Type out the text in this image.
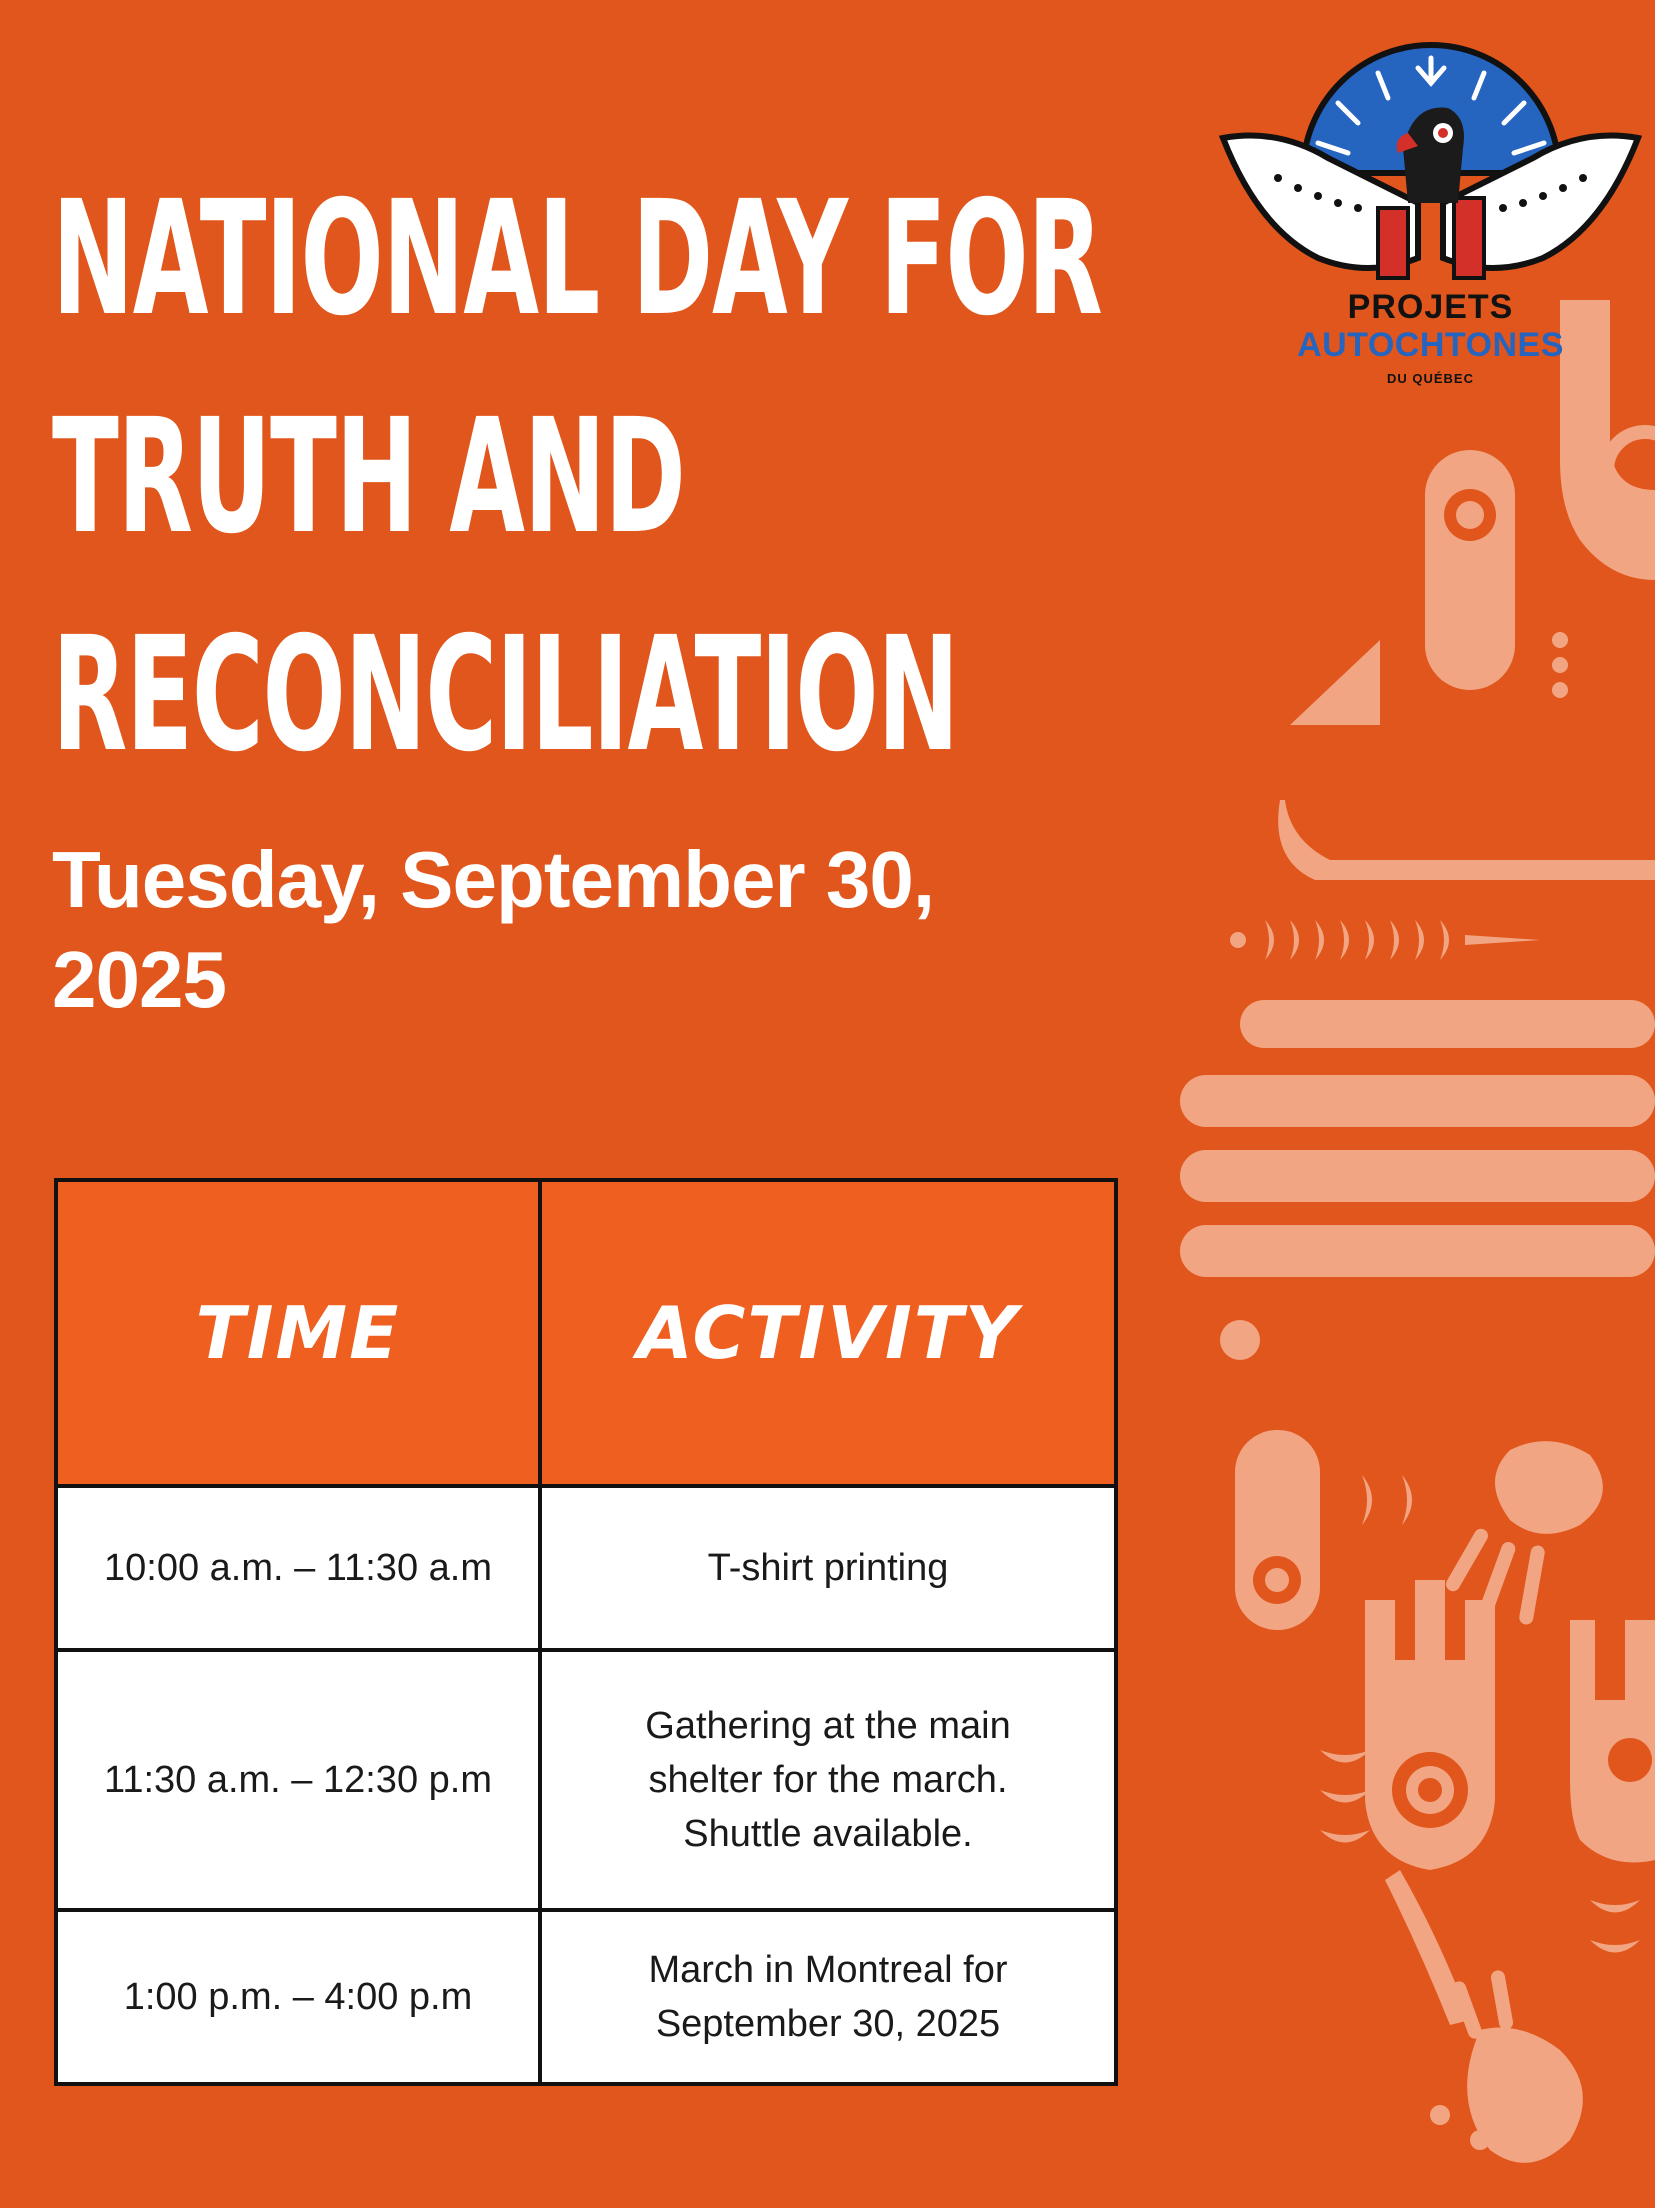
PROJETS
AUTOCHTONES
DU QUÉBEC
NATIONAL DAY FOR
TRUTH AND
RECONCILIATION
Tuesday, September 30, 2025
TIME	ACTIVITY
10:00 a.m. – 11:30 a.m	T-shirt printing
11:30 a.m. – 12:30 p.m	Gathering at the main
shelter for the march.
Shuttle available.

1:00 p.m. – 4:00 p.m	March in Montreal for
September 30, 2025
